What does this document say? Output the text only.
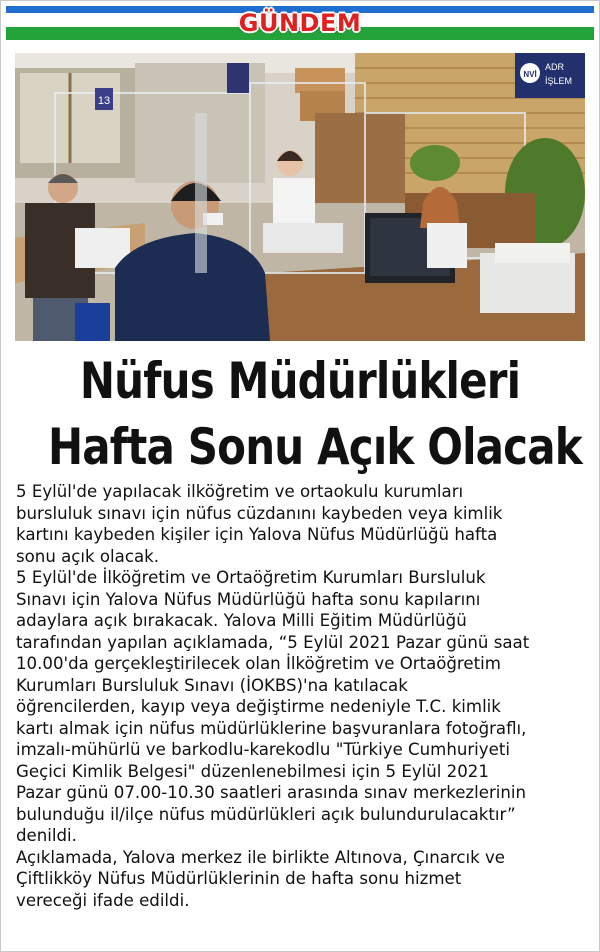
GÜNDEM
13
NVİ
ADR
İŞLEM
Nüfus Müdürlükleri
Hafta Sonu Açık Olacak

5 Eylül'de yapılacak ilköğretim ve ortaokulu kurumları
bursluluk sınavı için nüfus cüzdanını kaybeden veya kimlik
kartını kaybeden kişiler için Yalova Nüfus Müdürlüğü hafta
sonu açık olacak.

5 Eylül'de İlköğretim ve Ortaöğretim Kurumları Bursluluk
Sınavı için Yalova Nüfus Müdürlüğü hafta sonu kapılarını
adaylara açık bırakacak. Yalova Milli Eğitim Müdürlüğü
tarafından yapılan açıklamada, “5 Eylül 2021 Pazar günü saat
10.00'da gerçekleştirilecek olan İlköğretim ve Ortaöğretim
Kurumları Bursluluk Sınavı (İOKBS)'na katılacak
öğrencilerden, kayıp veya değiştirme nedeniyle T.C. kimlik
kartı almak için nüfus müdürlüklerine başvuranlara fotoğraflı,
imzalı-mühürlü ve barkodlu-karekodlu "Türkiye Cumhuriyeti
Geçici Kimlik Belgesi" düzenlenebilmesi için 5 Eylül 2021
Pazar günü 07.00-10.30 saatleri arasında sınav merkezlerinin
bulunduğu il/ilçe nüfus müdürlükleri açık bulundurulacaktır”
denildi.

Açıklamada, Yalova merkez ile birlikte Altınova, Çınarcık ve
Çiftlikköy Nüfus Müdürlüklerinin de hafta sonu hizmet
vereceği ifade edildi.
